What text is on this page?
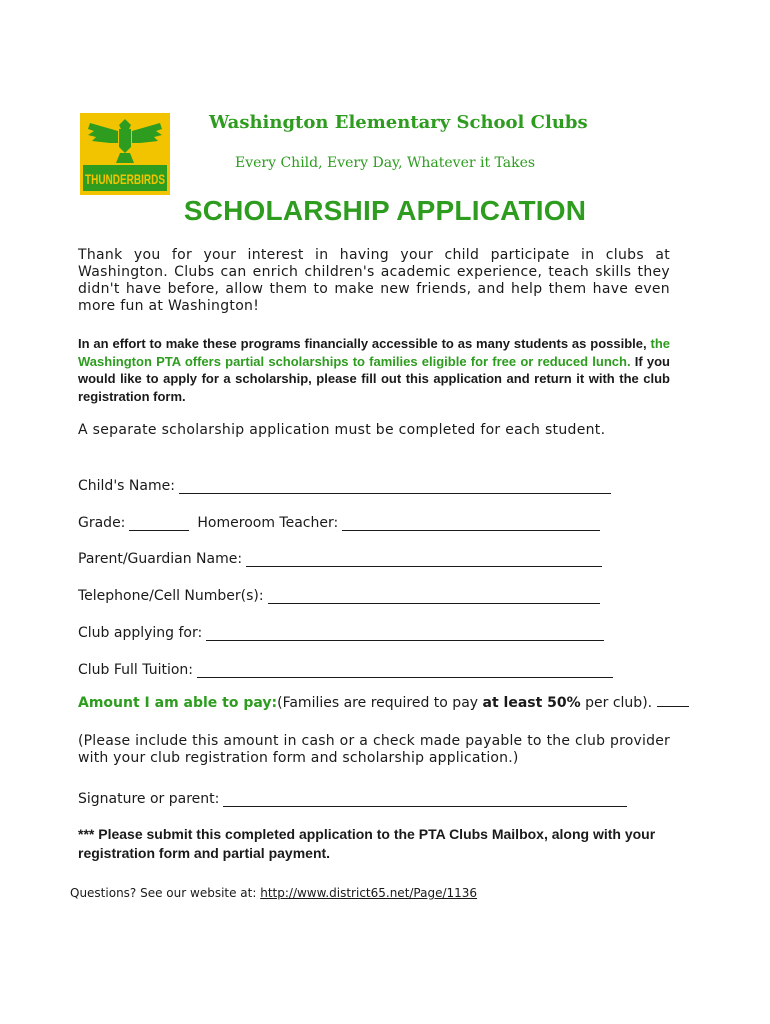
THUNDERBIRDS
Washington Elementary School Clubs
Every Child, Every Day, Whatever it Takes
SCHOLARSHIP APPLICATION
Thank you for your interest in having your child participate in clubs at Washington. Clubs can enrich children's academic experience, teach skills they didn't have before, allow them to make new friends, and help them have even more fun at Washington!
In an effort to make these programs financially accessible to as many students as possible, the Washington PTA offers partial scholarships to families eligible for free or reduced lunch. If you would like to apply for a scholarship, please fill out this application and return it with the club registration form.
A separate scholarship application must be completed for each student.
Child's Name:
Grade:	Homeroom Teacher:
Parent/Guardian Name:
Telephone/Cell Number(s):
Club applying for:
Club Full Tuition:
Amount I am able to pay:(Families are required to pay at least 50% per club).
(Please include this amount in cash or a check made payable to the club provider with your club registration form and scholarship application.)
Signature or parent:
*** Please submit this completed application to the PTA Clubs Mailbox, along with your registration form and partial payment.
Questions? See our website at: http://www.district65.net/Page/1136
